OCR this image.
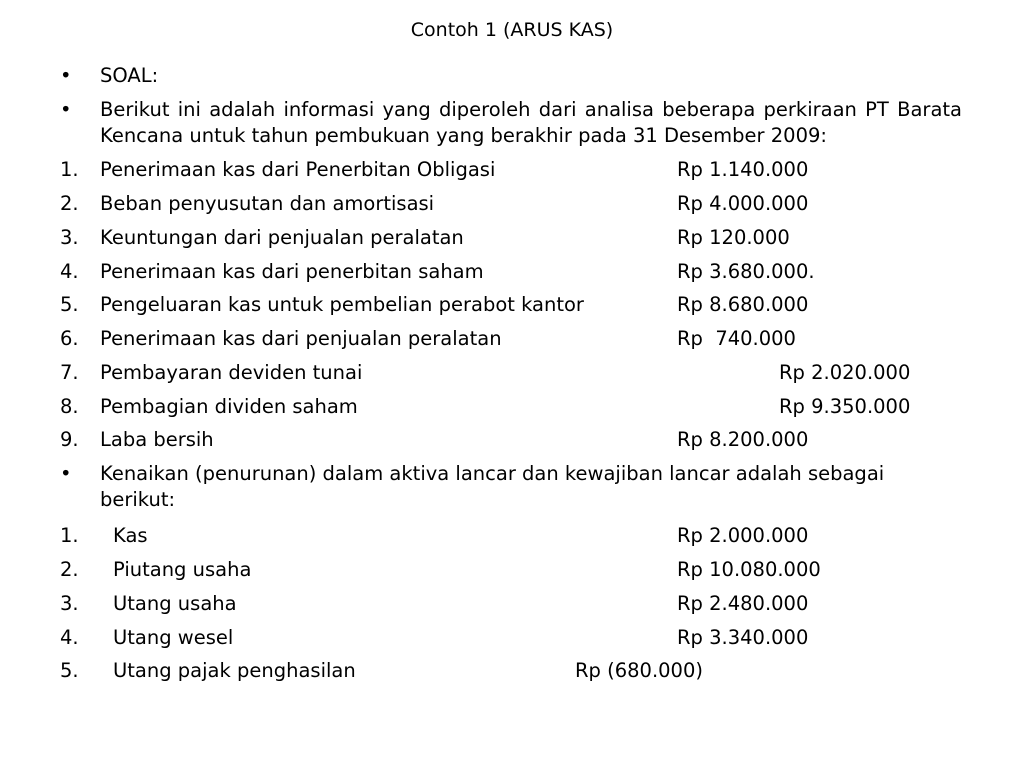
Contoh 1 (ARUS KAS)
• SOAL:
• Berikut ini adalah informasi yang diperoleh dari analisa beberapa perkiraan PT Barata Kencana untuk tahun pembukuan yang berakhir pada 31 Desember 2009:
1. Penerimaan kas dari Penerbitan Obligasi	Rp 1.140.000
2. Beban penyusutan dan amortisasi	Rp 4.000.000
3. Keuntungan dari penjualan peralatan	Rp 120.000
4. Penerimaan kas dari penerbitan saham	Rp 3.680.000.
5. Pengeluaran kas untuk pembelian perabot kantor	Rp 8.680.000
6. Penerimaan kas dari penjualan peralatan	Rp  740.000
7. Pembayaran deviden tunai	Rp 2.020.000
8. Pembagian dividen saham	Rp 9.350.000
9. Laba bersih	Rp 8.200.000
• Kenaikan (penurunan) dalam aktiva lancar dan kewajiban lancar adalah sebagai berikut:
1. Kas	Rp 2.000.000
2. Piutang usaha	Rp 10.080.000
3. Utang usaha	Rp 2.480.000
4. Utang wesel	Rp 3.340.000
5. Utang pajak penghasilan	Rp (680.000)
